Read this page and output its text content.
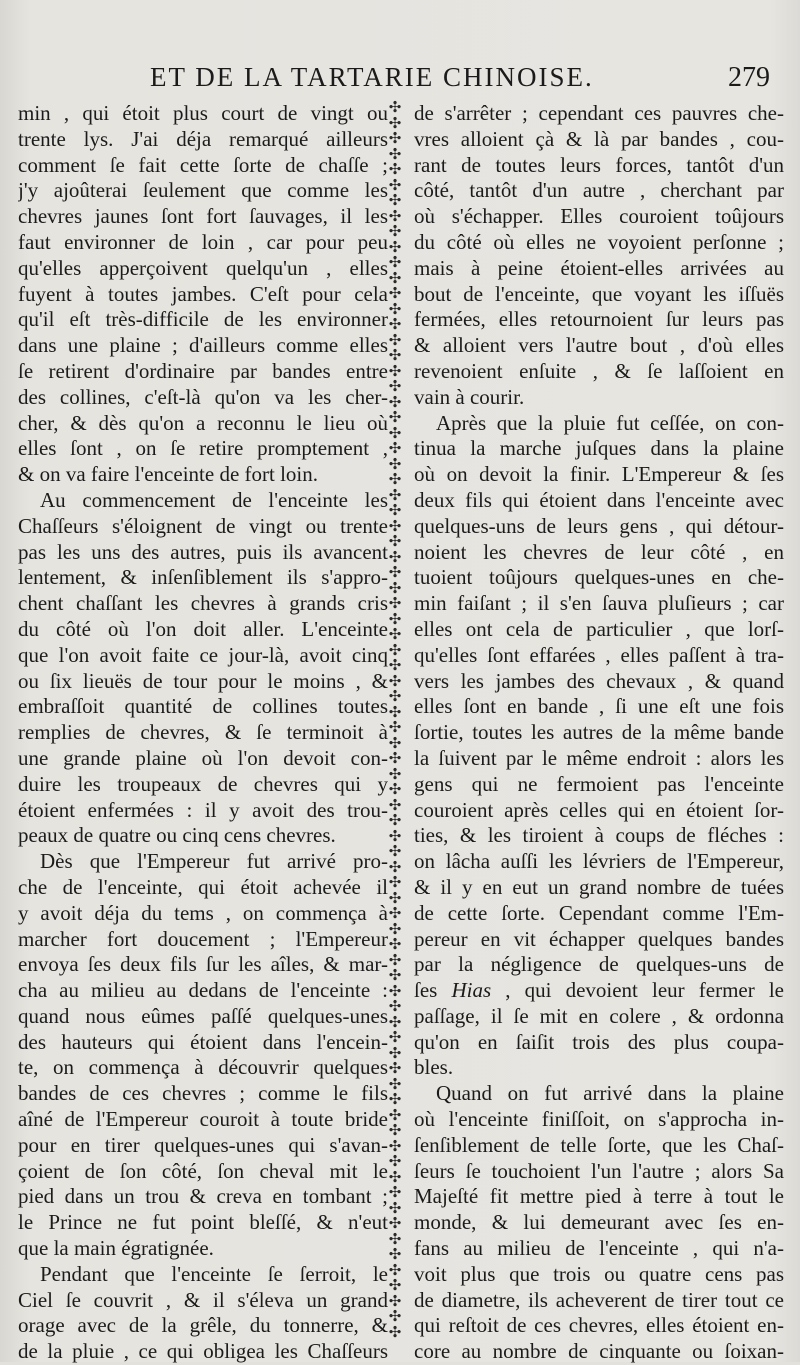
ET DE LA TARTARIE CHINOISE.	279
min , qui étoit plus court de vingt ou
trente lys. J'ai déja remarqué ailleurs
comment ſe fait cette ſorte de chaſſe ;
j'y ajoûterai ſeulement que comme les
chevres jaunes ſont fort ſauvages, il les
faut environner de loin , car pour peu
qu'elles apperçoivent quelqu'un , elles
fuyent à toutes jambes. C'eſt pour cela
qu'il eſt très-difficile de les environner
dans une plaine ; d'ailleurs comme elles
ſe retirent d'ordinaire par bandes entre
des collines, c'eſt-là qu'on va les cher-
cher, & dès qu'on a reconnu le lieu où
elles ſont , on ſe retire promptement ,
& on va faire l'enceinte de fort loin.
Au commencement de l'enceinte les
Chaſſeurs s'éloignent de vingt ou trente
pas les uns des autres, puis ils avancent
lentement, & inſenſiblement ils s'appro-
chent chaſſant les chevres à grands cris
du côté où l'on doit aller. L'enceinte
que l'on avoit faite ce jour-là, avoit cinq
ou ſix lieuës de tour pour le moins , &
embraſſoit quantité de collines toutes
remplies de chevres, & ſe terminoit à
une grande plaine où l'on devoit con-
duire les troupeaux de chevres qui y
étoient enfermées : il y avoit des trou-
peaux de quatre ou cinq cens chevres.
Dès que l'Empereur fut arrivé pro-
che de l'enceinte, qui étoit achevée il
y avoit déja du tems , on commença à
marcher fort doucement ; l'Empereur
envoya ſes deux fils ſur les aîles, & mar-
cha au milieu au dedans de l'enceinte :
quand nous eûmes paſſé quelques-unes
des hauteurs qui étoient dans l'encein-
te, on commença à découvrir quelques
bandes de ces chevres ; comme le fils
aîné de l'Empereur couroit à toute bride
pour en tirer quelques-unes qui s'avan-
çoient de ſon côté, ſon cheval mit le
pied dans un trou & creva en tombant ;
le Prince ne fut point bleſſé, & n'eut
que la main égratignée.
Pendant que l'enceinte ſe ſerroit, le
Ciel ſe couvrit , & il s'éleva un grand
orage avec de la grêle, du tonnerre, &
de la pluie , ce qui obligea les Chaſſeurs
✣
✣
✣
✣
✣
✣
✣
✣
✣
✣
✣
✣
✣
✣
✣
✣
✣
✣
✣
✣
✣
✣
✣
✣
✣
✣
✣
✣
✣
✣
✣
✣
✣
✣
✣
✣
✣
✣
✣
✣
✣
✣
✣
✣
✣
✣
✣
✣
✣
✣
✣
✣
✣
✣
✣
✣
✣
✣
✣
✣
✣
✣
✣
✣
✣
✣
✣
✣
✣
✣
✣
✣
✣
✣
✣
✣
✣
✣
✣
✣
de s'arrêter ; cependant ces pauvres che-
vres alloient çà & là par bandes , cou-
rant de toutes leurs forces, tantôt d'un
côté, tantôt d'un autre , cherchant par
où s'échapper. Elles couroient toûjours
du côté où elles ne voyoient perſonne ;
mais à peine étoient-elles arrivées au
bout de l'enceinte, que voyant les iſſuës
fermées, elles retournoient ſur leurs pas
& alloient vers l'autre bout , d'où elles
revenoient enſuite , & ſe laſſoient en
vain à courir.
Après que la pluie fut ceſſée, on con-
tinua la marche juſques dans la plaine
où on devoit la finir. L'Empereur & ſes
deux fils qui étoient dans l'enceinte avec
quelques-uns de leurs gens , qui détour-
noient les chevres de leur côté , en
tuoient toûjours quelques-unes en che-
min faiſant ; il s'en ſauva pluſieurs ; car
elles ont cela de particulier , que lorſ-
qu'elles ſont effarées , elles paſſent à tra-
vers les jambes des chevaux , & quand
elles ſont en bande , ſi une eſt une fois
ſortie, toutes les autres de la même bande
la ſuivent par le même endroit : alors les
gens qui ne fermoient pas l'enceinte
couroient après celles qui en étoient ſor-
ties, & les tiroient à coups de fléches :
on lâcha auſſi les lévriers de l'Empereur,
& il y en eut un grand nombre de tuées
de cette ſorte. Cependant comme l'Em-
pereur en vit échapper quelques bandes
par la négligence de quelques-uns de
ſes Hias , qui devoient leur fermer le
paſſage, il ſe mit en colere , & ordonna
qu'on en ſaiſit trois des plus coupa-
bles.
Quand on fut arrivé dans la plaine
où l'enceinte finiſſoit, on s'approcha in-
ſenſiblement de telle ſorte, que les Chaſ-
ſeurs ſe touchoient l'un l'autre ; alors Sa
Majeſté fit mettre pied à terre à tout le
monde, & lui demeurant avec ſes en-
fans au milieu de l'enceinte , qui n'a-
voit plus que trois ou quatre cens pas
de diametre, ils acheverent de tirer tout ce
qui reſtoit de ces chevres, elles étoient en-
core au nombre de cinquante ou ſoixan-
